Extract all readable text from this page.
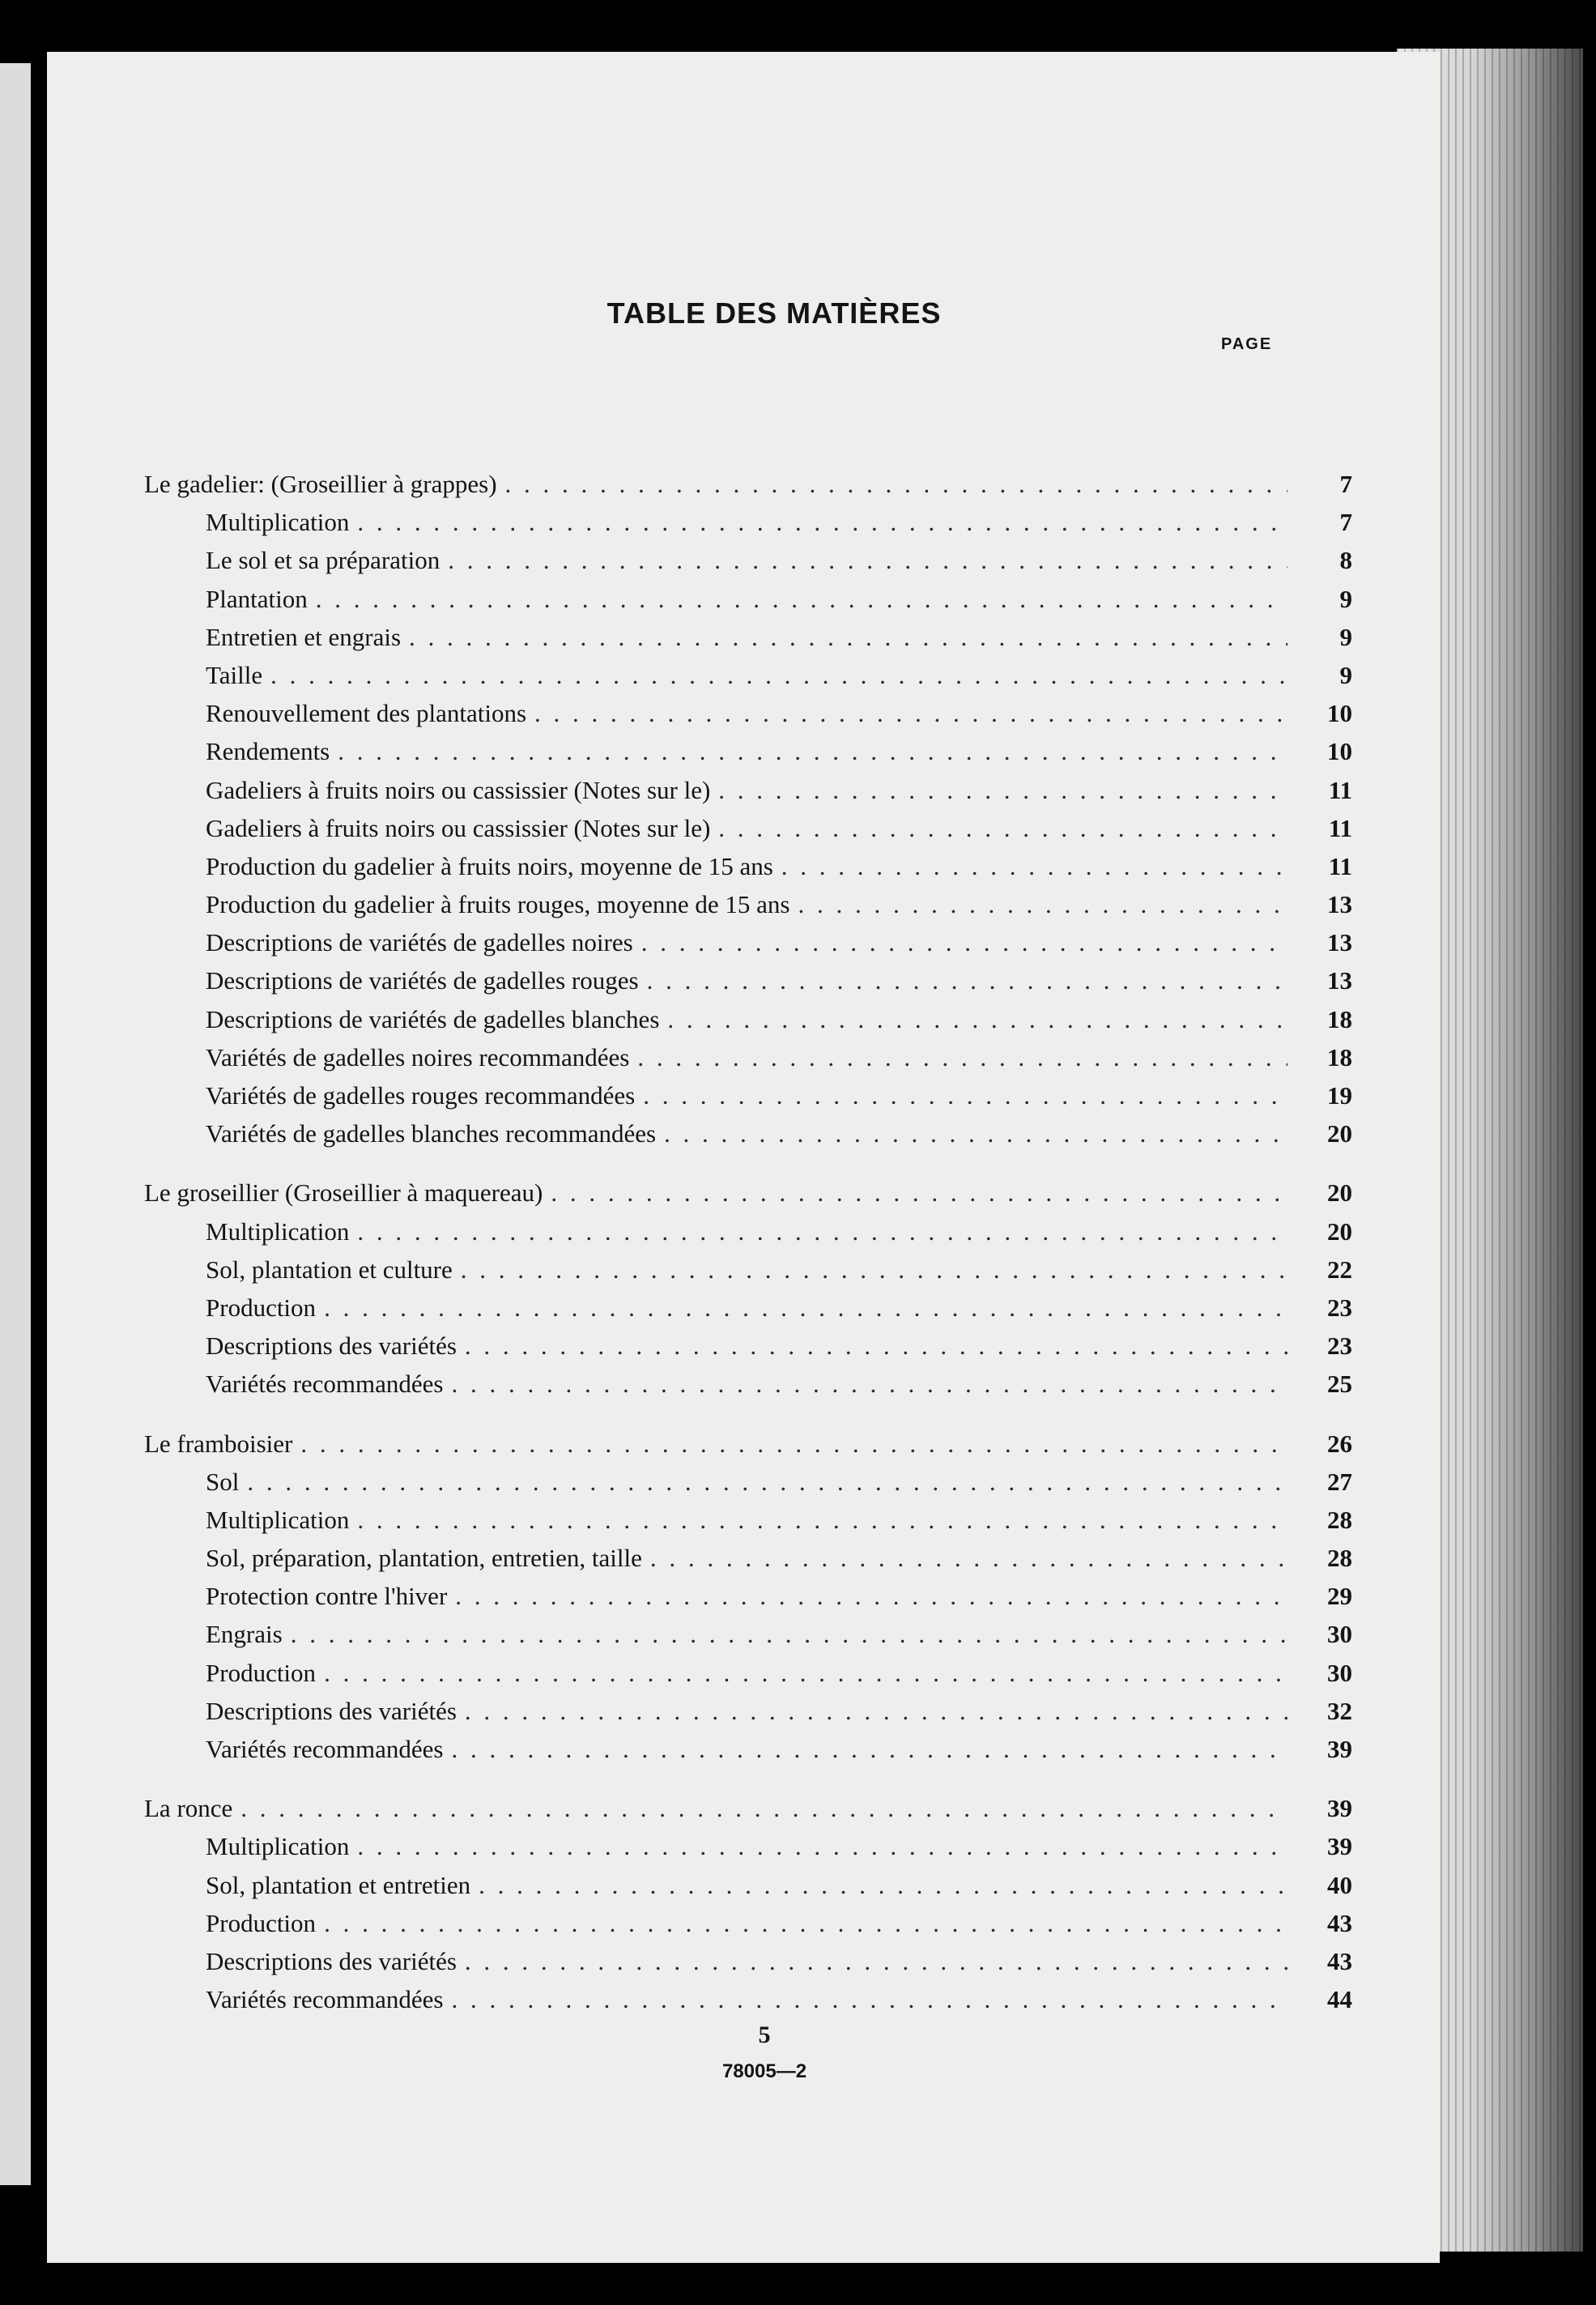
TABLE DES MATIÈRES
PAGE
Le gadelier: (Groseillier à grappes) . . .	7
Multiplication . . .	7
Le sol et sa préparation . . .	8
Plantation . . .	9
Entretien et engrais . . .	9
Taille . . .	9
Renouvellement des plantations . . .	10
Rendements . . .	10
Gadeliers à fruits noirs ou cassissier (Notes sur le) . . .	11
Gadeliers à fruits noirs ou cassissier (Notes sur le) . . .	11
Production du gadelier à fruits noirs, moyenne de 15 ans . . .	11
Production du gadelier à fruits rouges, moyenne de 15 ans . . .	13
Descriptions de variétés de gadelles noires . . .	13
Descriptions de variétés de gadelles rouges . . .	13
Descriptions de variétés de gadelles blanches . . .	18
Variétés de gadelles noires recommandées . . .	18
Variétés de gadelles rouges recommandées . . .	19
Variétés de gadelles blanches recommandées . . .	20
Le groseillier (Groseillier à maquereau) . . .	20
Multiplication . . .	20
Sol, plantation et culture . . .	22
Production . . .	23
Descriptions des variétés . . .	23
Variétés recommandées . . .	25
Le framboisier . . .	26
Sol . . .	27
Multiplication . . .	28
Sol, préparation, plantation, entretien, taille . . .	28
Protection contre l'hiver . . .	29
Engrais . . .	30
Production . . .	30
Descriptions des variétés . . .	32
Variétés recommandées . . .	39
La ronce . . .	39
Multiplication . . .	39
Sol, plantation et entretien . . .	40
Production . . .	43
Descriptions des variétés . . .	43
Variétés recommandées . . .	44
5
78005—2
